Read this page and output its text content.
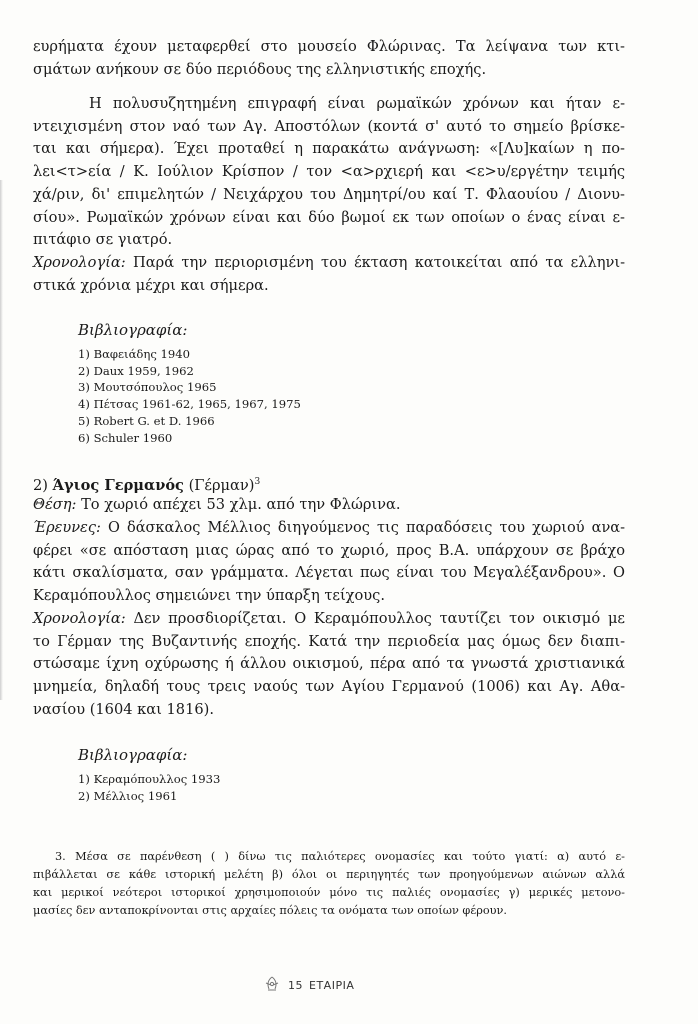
ευρήματα έχουν μεταφερθεί στο μουσείο Φλώρινας. Τα λείψανα των κτι-
σμάτων ανήκουν σε δύο περιόδους της ελληνιστικής εποχής.
Η πολυσυζητημένη επιγραφή είναι ρωμαϊκών χρόνων και ήταν ε-
ντειχισμένη στον ναό των Αγ. Αποστόλων (κοντά σ' αυτό το σημείο βρίσκε-
ται και σήμερα). Έχει προταθεί η παρακάτω ανάγνωση: «[Λυ]καίων η πο-
λει<τ>εία / Κ. Ιούλιον Κρίσπον / τον <α>ρχιερή και <ε>υ/εργέτην τειμής
χά/ριν, δι' επιμελητών / Νειχάρχου του Δημητρί/ου καί Τ. Φλαουίου / Διονυ-
σίου». Ρωμαϊκών χρόνων είναι και δύο βωμοί εκ των οποίων ο ένας είναι ε-
πιτάφιο σε γιατρό.
Χρονολογία: Παρά την περιορισμένη του έκταση κατοικείται από τα ελληνι-
στικά χρόνια μέχρι και σήμερα.
Βιβλιογραφία:
1) Βαφειάδης 1940
2) Daux 1959, 1962
3) Μουτσόπουλος 1965
4) Πέτσας 1961-62, 1965, 1967, 1975
5) Robert G. et D. 1966
6) Schuler 1960
2) Άγιος Γερμανός $(\Gamma έ\rho\mu\alpha\nu)^3$
Θέση: Το χωριό απέχει 53 χλμ. από την Φλώρινα.
Έρευνες: Ο δάσκαλος Μέλλιος διηγούμενος τις παραδόσεις του χωριού ανα-
φέρει «σε απόσταση μιας ώρας από το χωριό, προς Β.Α. υπάρχουν σε βράχο
κάτι σκαλίσματα, σαν γράμματα. Λέγεται πως είναι του Μεγαλέξανδρου». Ο
Κεραμόπουλλος σημειώνει την ύπαρξη τείχους.
Χρονολογία: Δεν προσδιορίζεται. Ο Κεραμόπουλλος ταυτίζει τον οικισμό με
το Γέρμαν της Βυζαντινής εποχής. Κατά την περιοδεία μας όμως δεν διαπι-
στώσαμε ίχνη οχύρωσης ή άλλου οικισμού, πέρα από τα γνωστά χριστιανικά
μνημεία, δηλαδή τους τρεις ναούς των Αγίου Γερμανού (1006) και Αγ. Αθα-
νασίου (1604 και 1816).
Βιβλιογραφία:
1) Κεραμόπουλλος 1933
2) Μέλλιος 1961
3. Μέσα σε παρένθεση ( ) δίνω τις παλιότερες ονομασίες και τούτο γιατί: α) αυτό ε-
πιβάλλεται σε κάθε ιστορική μελέτη β) όλοι οι περιηγητές των προηγούμενων αιώνων αλλά
και μερικοί νεότεροι ιστορικοί χρησιμοποιούν μόνο τις παλιές ονομασίες γ) μερικές μετονο-
μασίες δεν ανταποκρίνονται στις αρχαίες πόλεις τα ονόματα των οποίων φέρουν.
15 ΕΤΑΙΡΙΑ
